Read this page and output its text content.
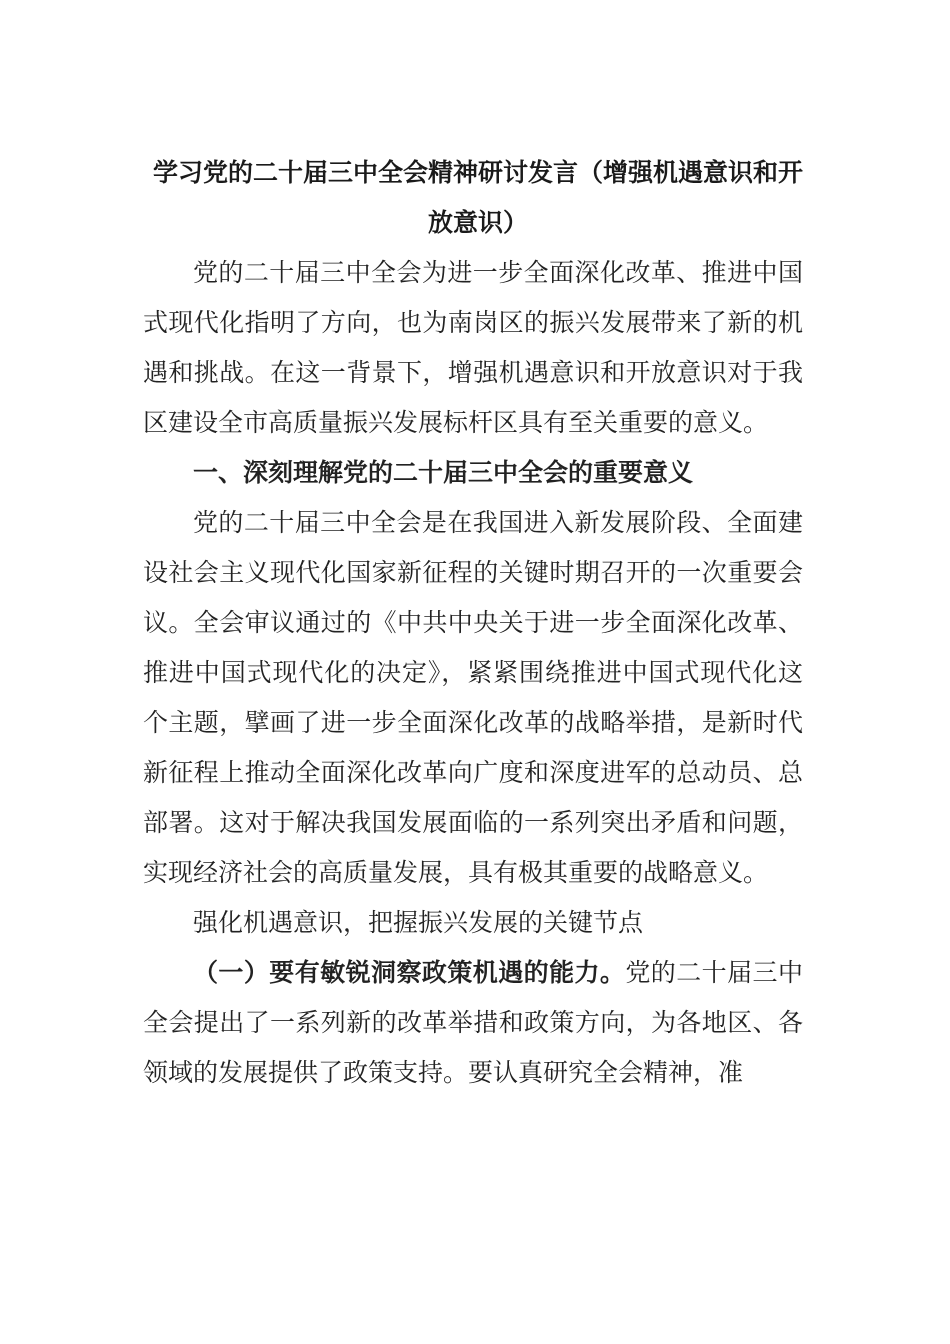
学习党的二十届三中全会精神研讨发言（增强机遇意识和开放意识）

党的二十届三中全会为进一步全面深化改革、推进中国式现代化指明了方向，也为南岗区的振兴发展带来了新的机遇和挑战。在这一背景下，增强机遇意识和开放意识对于我区建设全市高质量振兴发展标杆区具有至关重要的意义。

一、深刻理解党的二十届三中全会的重要意义

党的二十届三中全会是在我国进入新发展阶段、全面建设社会主义现代化国家新征程的关键时期召开的一次重要会议。全会审议通过的《中共中央关于进一步全面深化改革、推进中国式现代化的决定》，紧紧围绕推进中国式现代化这个主题，擘画了进一步全面深化改革的战略举措，是新时代新征程上推动全面深化改革向广度和深度进军的总动员、总部署。这对于解决我国发展面临的一系列突出矛盾和问题，实现经济社会的高质量发展，具有极其重要的战略意义。

强化机遇意识，把握振兴发展的关键节点

（一）要有敏锐洞察政策机遇的能力。党的二十届三中全会提出了一系列新的改革举措和政策方向，为各地区、各领域的发展提供了政策支持。要认真研究全会精神，准
